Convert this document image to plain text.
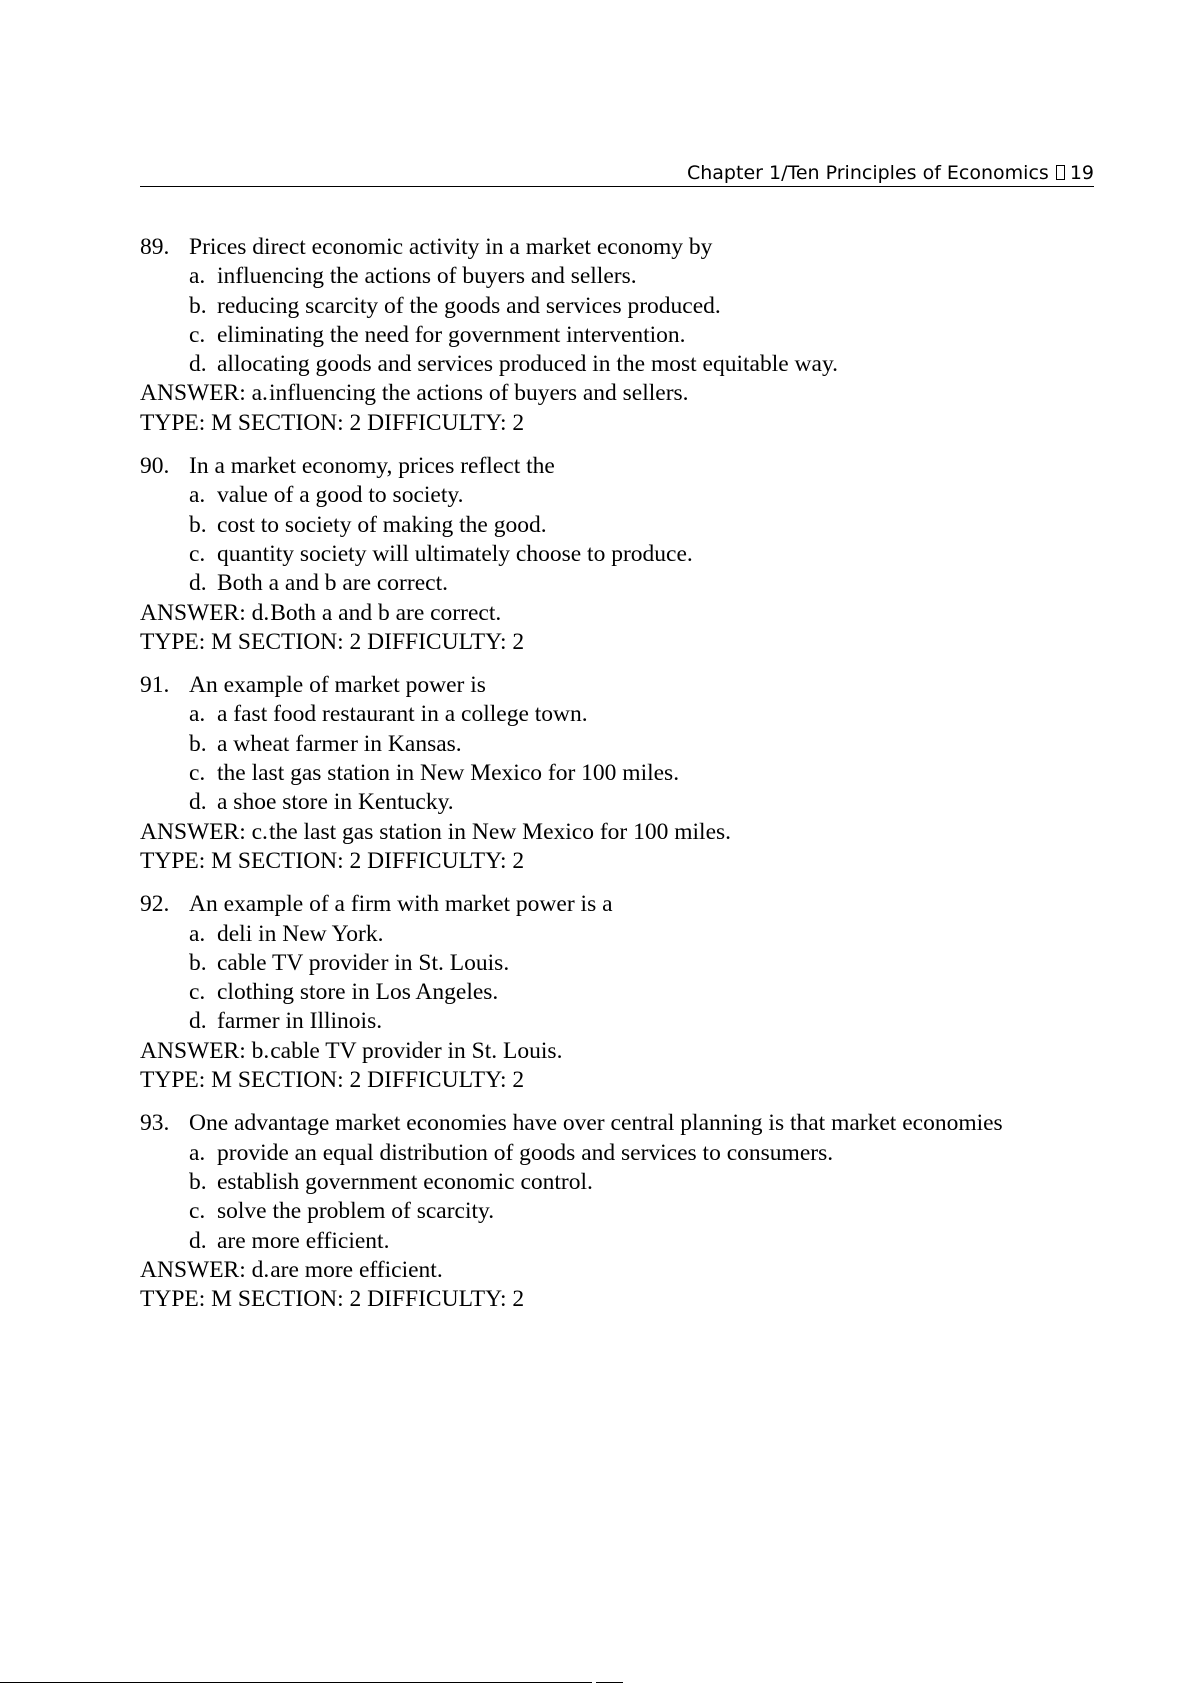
Chapter 1/Ten Principles of Economics 19
89. Prices direct economic activity in a market economy by
a. influencing the actions of buyers and sellers.
b. reducing scarcity of the goods and services produced.
c. eliminating the need for government intervention.
d. allocating goods and services produced in the most equitable way.
ANSWER: a.influencing the actions of buyers and sellers.
TYPE: M SECTION: 2 DIFFICULTY: 2
90. In a market economy, prices reflect the
a. value of a good to society.
b. cost to society of making the good.
c. quantity society will ultimately choose to produce.
d. Both a and b are correct.
ANSWER: d.Both a and b are correct.
TYPE: M SECTION: 2 DIFFICULTY: 2
91. An example of market power is
a. a fast food restaurant in a college town.
b. a wheat farmer in Kansas.
c. the last gas station in New Mexico for 100 miles.
d. a shoe store in Kentucky.
ANSWER: c.the last gas station in New Mexico for 100 miles.
TYPE: M SECTION: 2 DIFFICULTY: 2
92. An example of a firm with market power is a
a. deli in New York.
b. cable TV provider in St. Louis.
c. clothing store in Los Angeles.
d. farmer in Illinois.
ANSWER: b.cable TV provider in St. Louis.
TYPE: M SECTION: 2 DIFFICULTY: 2
93. One advantage market economies have over central planning is that market economies
a. provide an equal distribution of goods and services to consumers.
b. establish government economic control.
c. solve the problem of scarcity.
d. are more efficient.
ANSWER: d.are more efficient.
TYPE: M SECTION: 2 DIFFICULTY: 2
